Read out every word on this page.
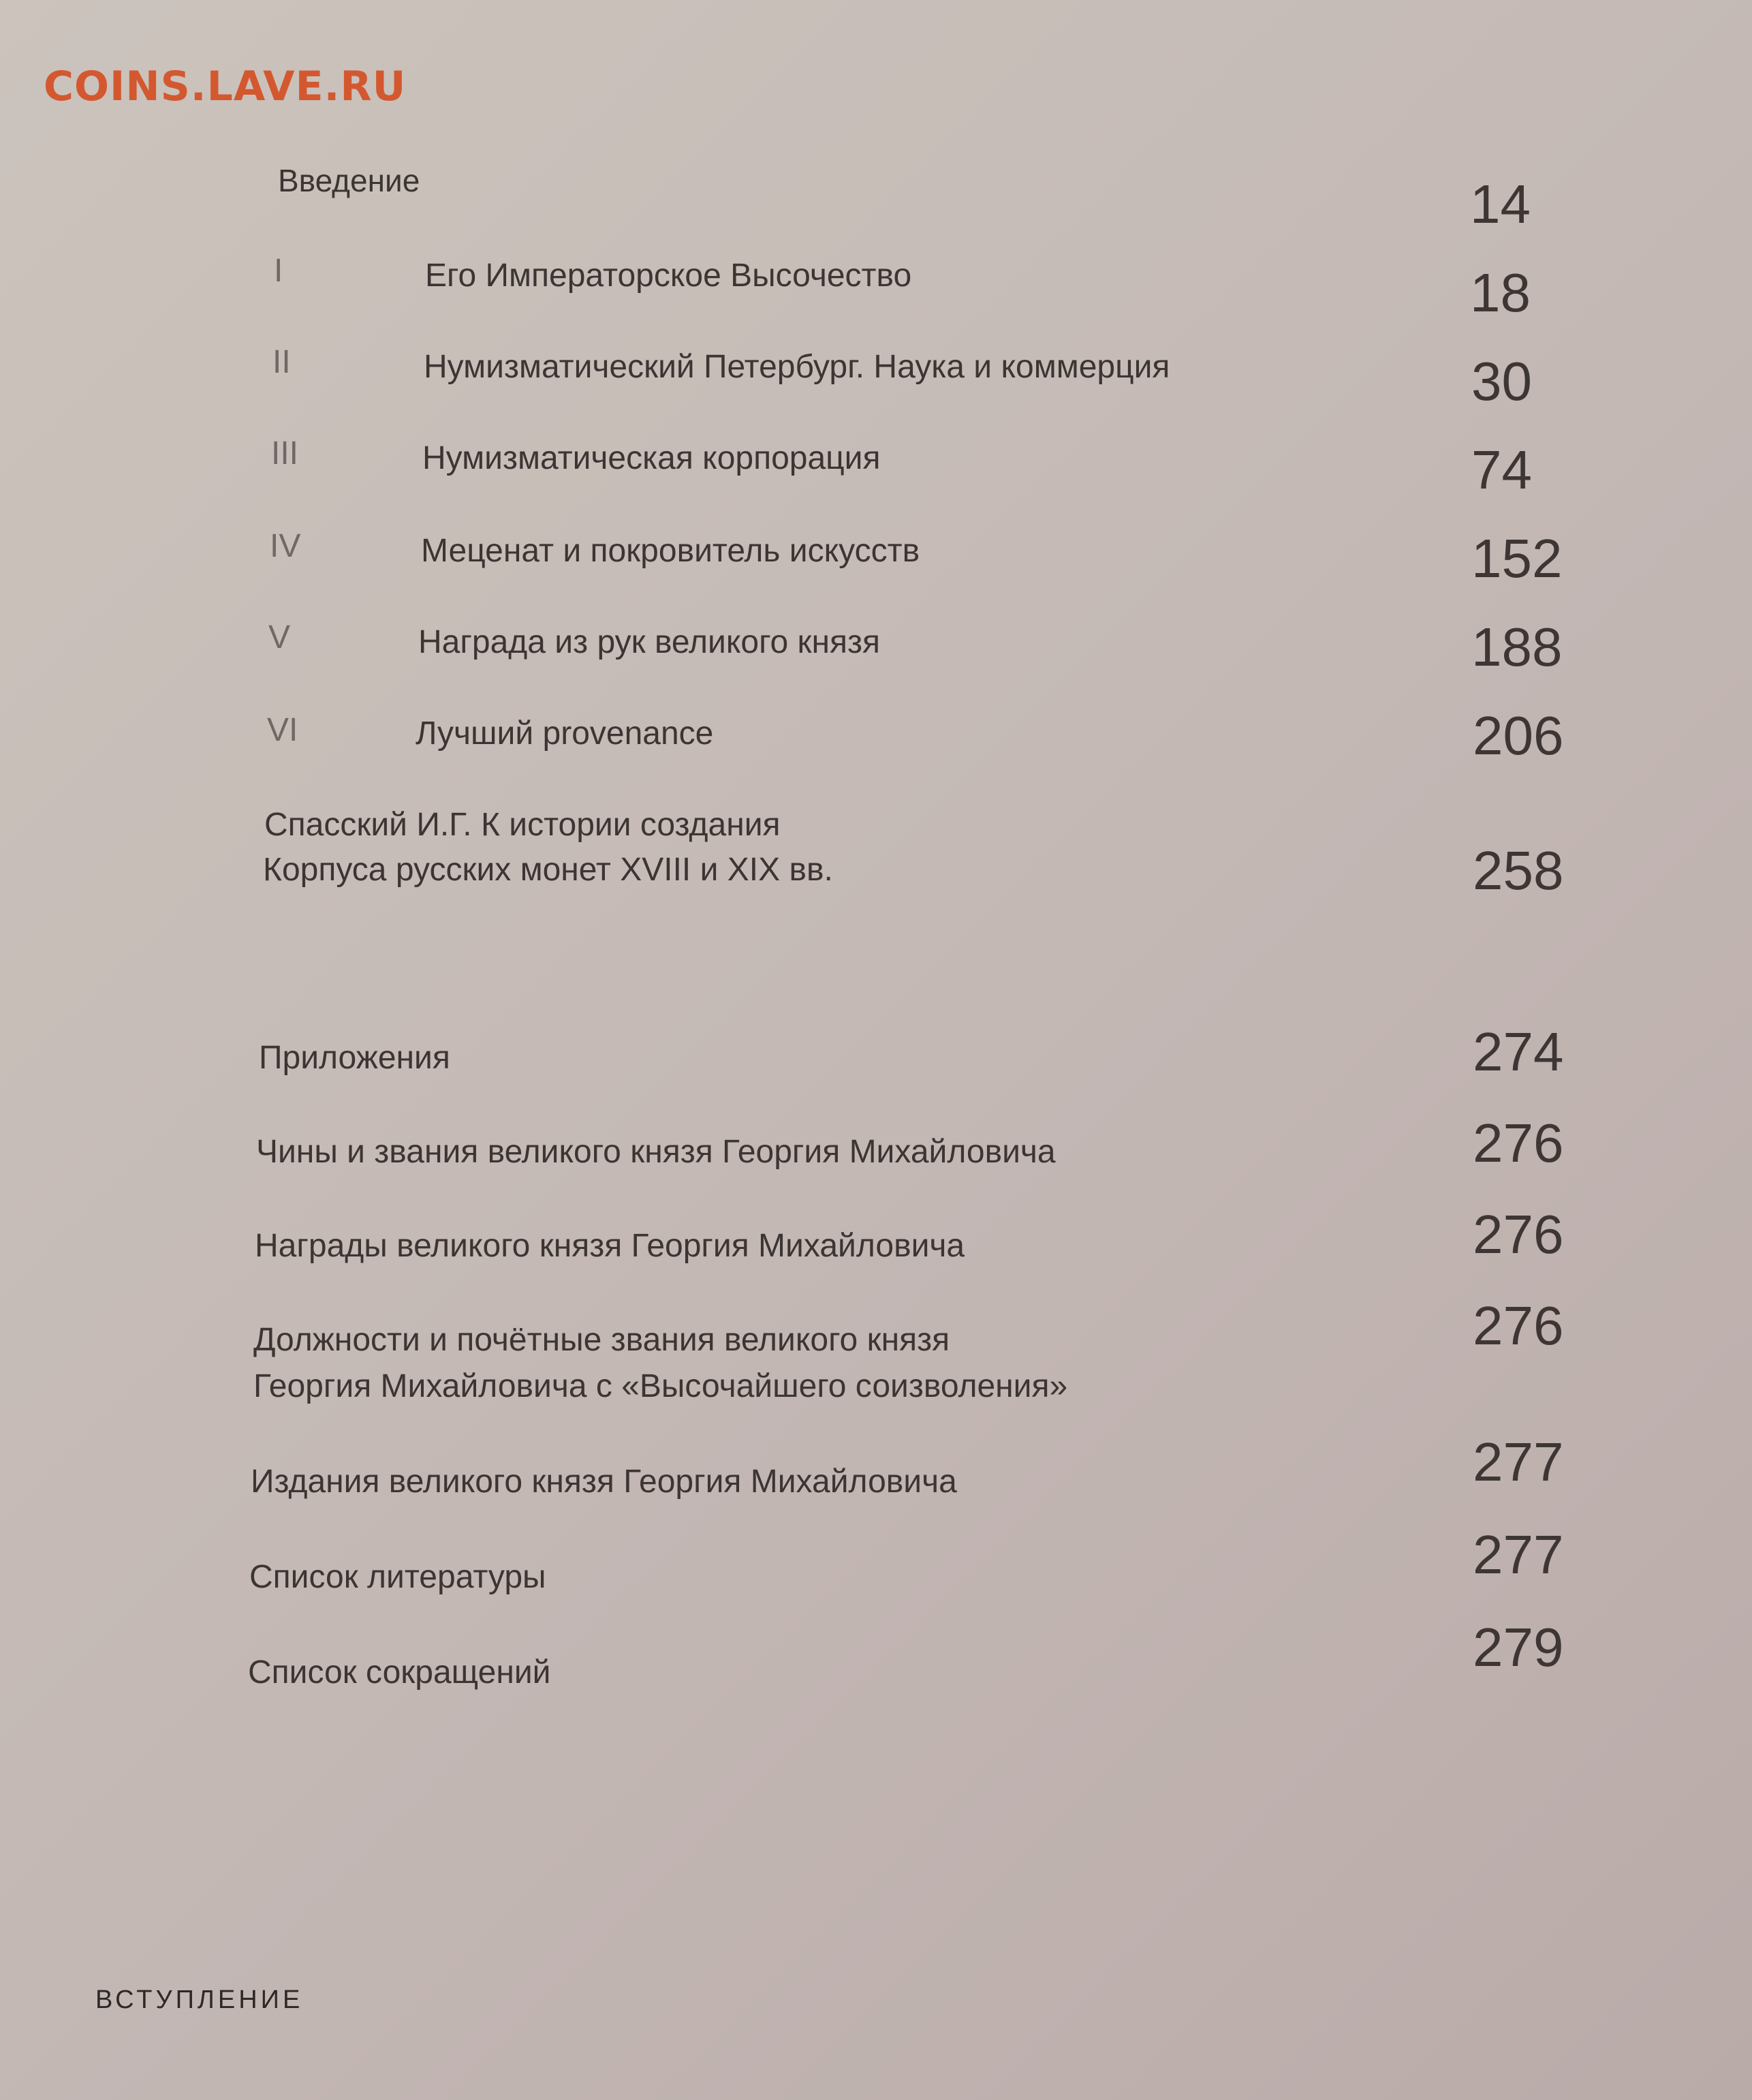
COINS.LAVE.RU
Введение	14
I	Его Императорское Высочество	18
II	Нумизматический Петербург. Наука и коммерция	30
III	Нумизматическая корпорация	74
IV	Меценат и покровитель искусств	152
V	Награда из рук великого князя	188
VI	Лучший provenance	206
Спасский И.Г. К истории создания
Корпуса русских монет XVIII и XIX вв.	258
Приложения	274
Чины и звания великого князя Георгия Михайловича	276
Награды великого князя Георгия Михайловича	276
Должности и почётные звания великого князя
Георгия Михайловича с «Высочайшего соизволения»
276
Издания великого князя Георгия Михайловича	277
Список литературы	277
Список сокращений	279
ВСТУПЛЕНИЕ
